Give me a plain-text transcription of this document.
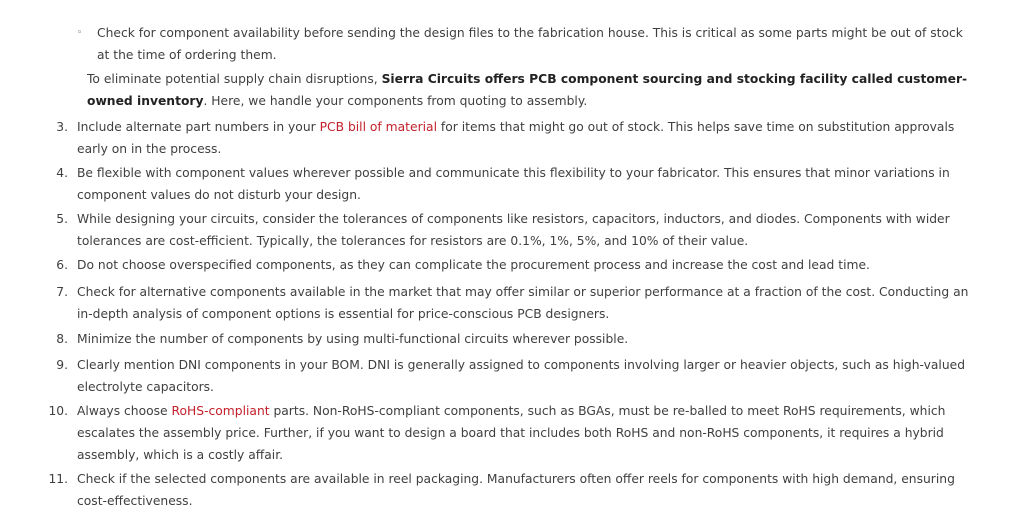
◦	Check for component availability before sending the design files to the fabrication house. This is critical as some parts might be out of stock at the time of ordering them.
To eliminate potential supply chain disruptions, Sierra Circuits offers PCB component sourcing and stocking facility called customer-owned inventory. Here, we handle your components from quoting to assembly.
3. Include alternate part numbers in your PCB bill of material for items that might go out of stock. This helps save time on substitution approvals early on in the process.
4. Be flexible with component values wherever possible and communicate this flexibility to your fabricator. This ensures that minor variations in component values do not disturb your design.
5. While designing your circuits, consider the tolerances of components like resistors, capacitors, inductors, and diodes. Components with wider tolerances are cost-efficient. Typically, the tolerances for resistors are 0.1%, 1%, 5%, and 10% of their value.
6. Do not choose overspecified components, as they can complicate the procurement process and increase the cost and lead time.
7. Check for alternative components available in the market that may offer similar or superior performance at a fraction of the cost. Conducting an in-depth analysis of component options is essential for price-conscious PCB designers.
8. Minimize the number of components by using multi-functional circuits wherever possible.
9. Clearly mention DNI components in your BOM. DNI is generally assigned to components involving larger or heavier objects, such as high-valued electrolyte capacitors.
10. Always choose RoHS-compliant parts. Non-RoHS-compliant components, such as BGAs, must be re-balled to meet RoHS requirements, which escalates the assembly price. Further, if you want to design a board that includes both RoHS and non-RoHS components, it requires a hybrid assembly, which is a costly affair.
11. Check if the selected components are available in reel packaging. Manufacturers often offer reels for components with high demand, ensuring cost-effectiveness.
